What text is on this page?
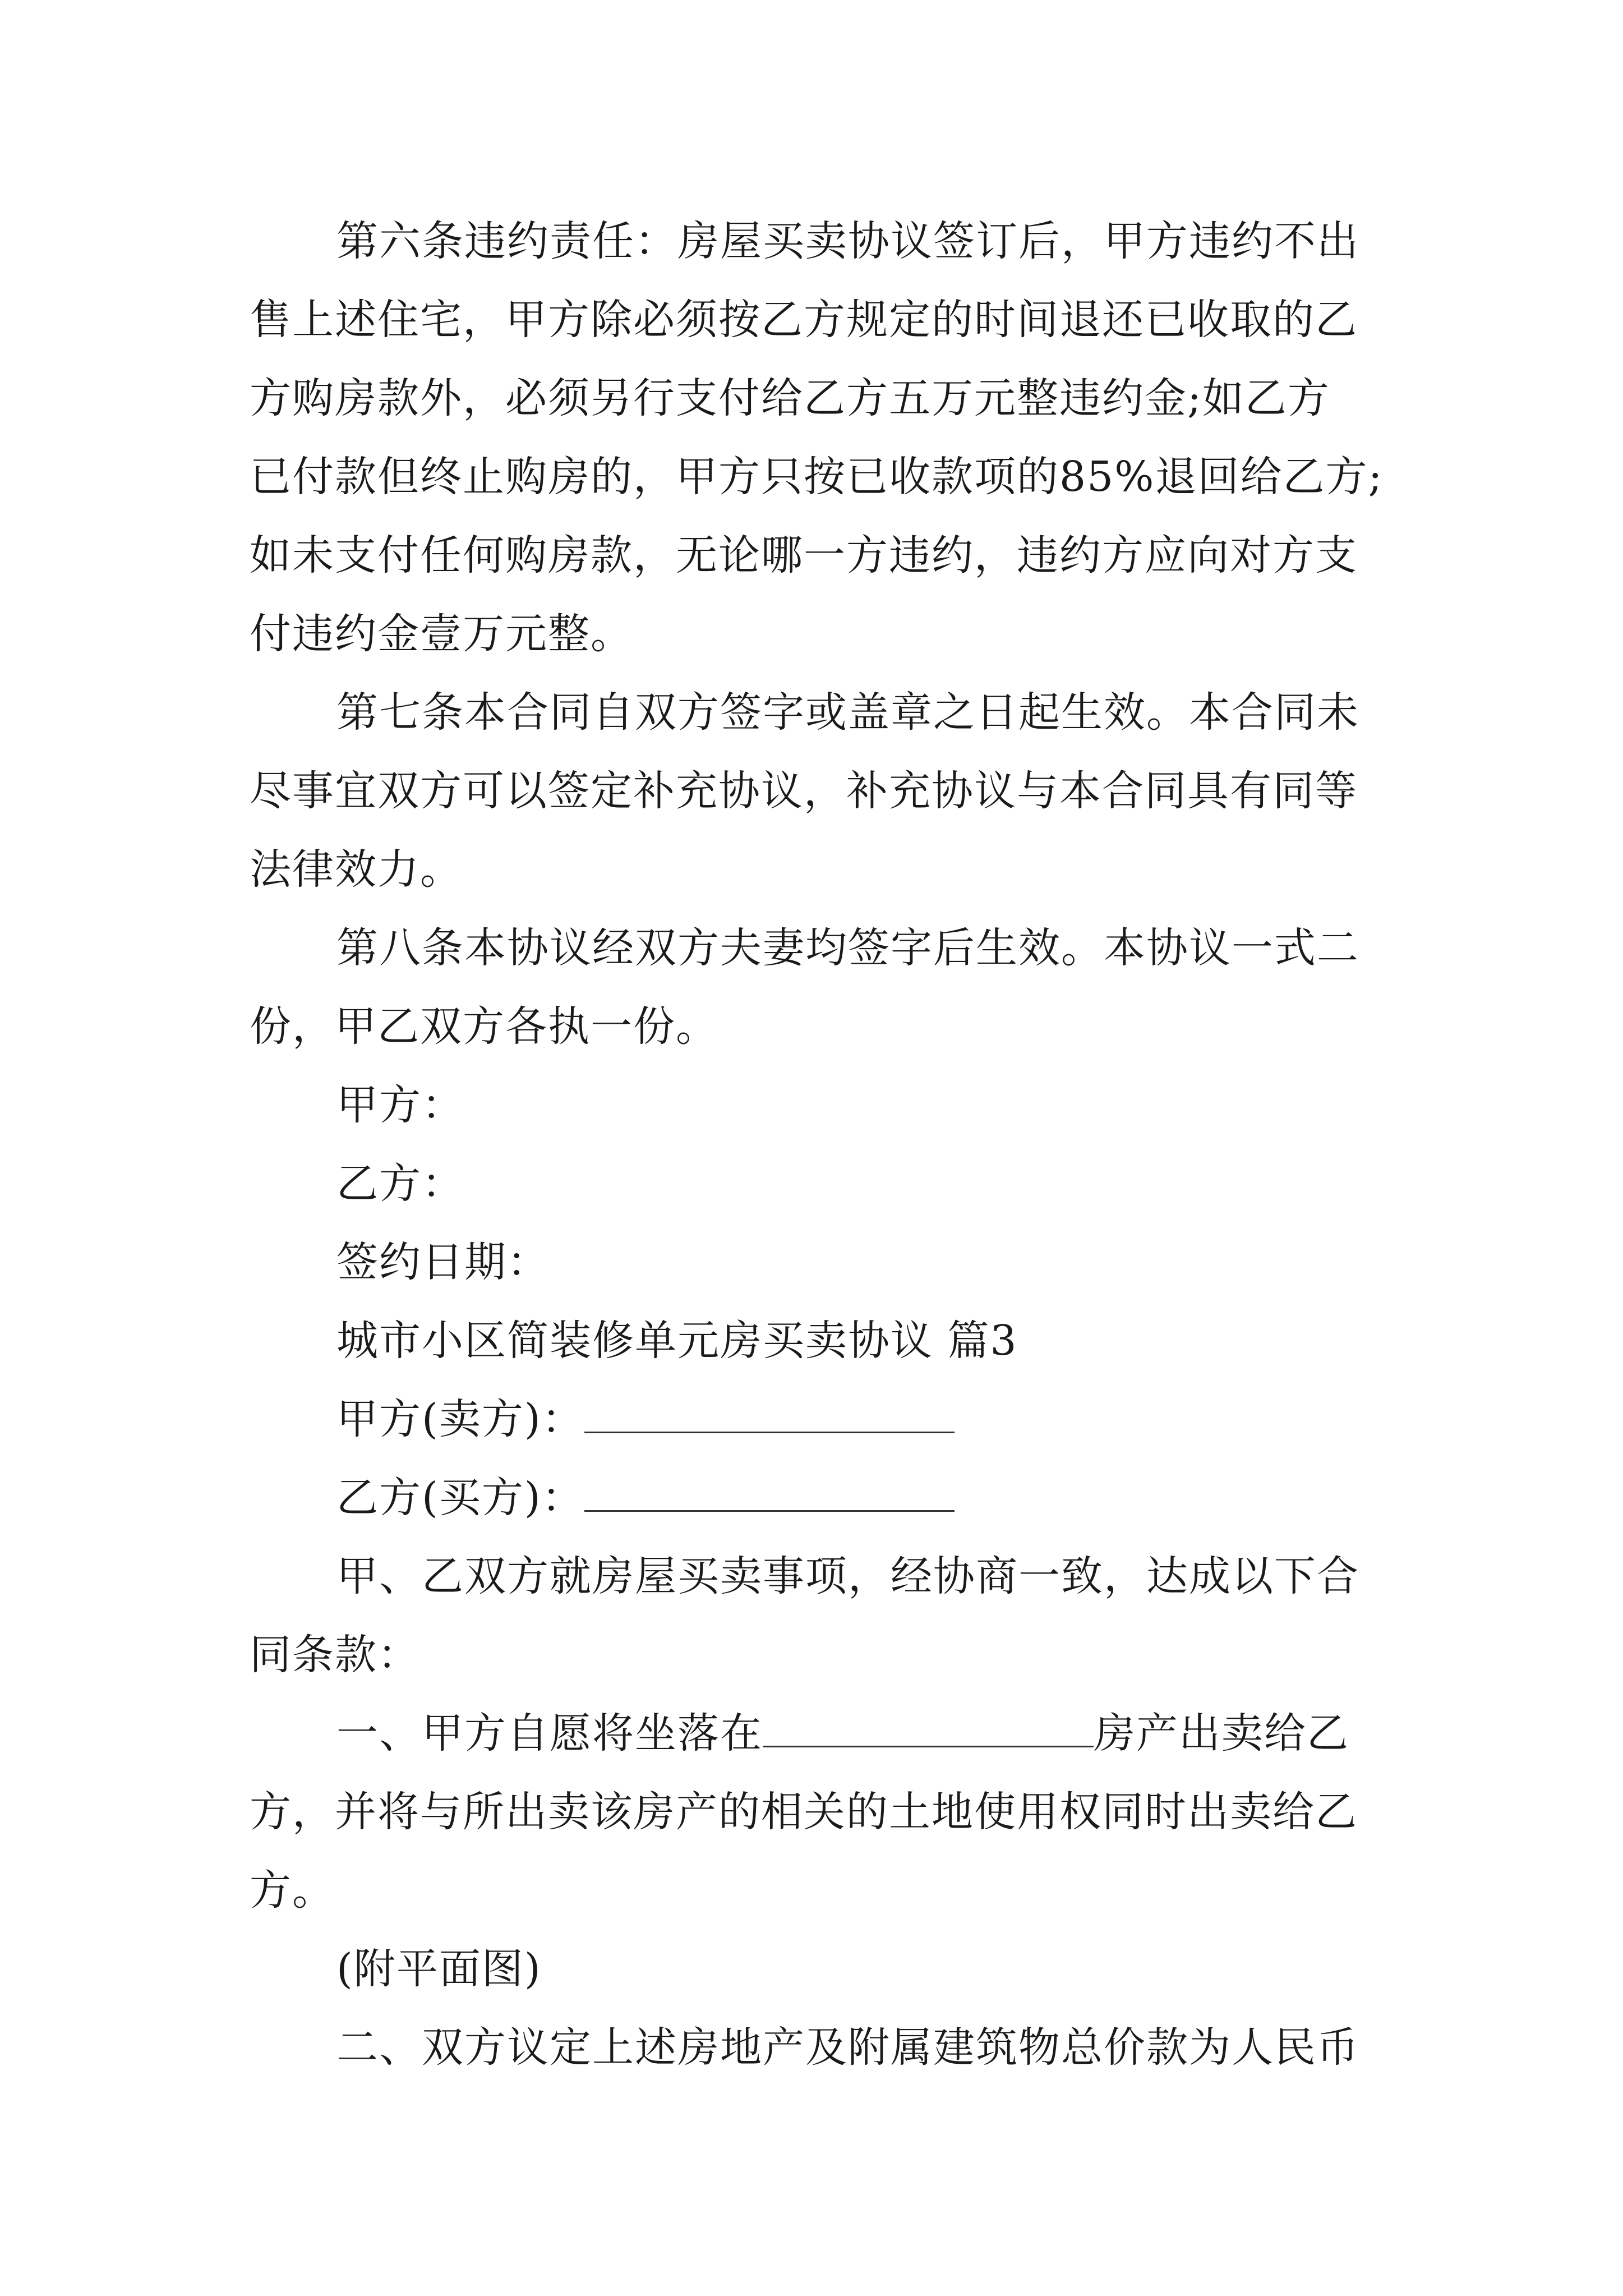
第六条违约责任：房屋买卖协议签订后，甲方违约不出
售上述住宅，甲方除必须按乙方规定的时间退还已收取的乙
方购房款外，必须另行支付给乙方五万元整违约金;如乙方
已付款但终止购房的，甲方只按已收款项的85%退回给乙方;
如未支付任何购房款，无论哪一方违约，违约方应向对方支
付违约金壹万元整。
第七条本合同自双方签字或盖章之日起生效。本合同未
尽事宜双方可以签定补充协议，补充协议与本合同具有同等
法律效力。
第八条本协议经双方夫妻均签字后生效。本协议一式二
份，甲乙双方各执一份。
甲方：
乙方：
签约日期：
城市小区简装修单元房买卖协议 篇3
甲方(卖方)：
乙方(买方)：
甲、乙双方就房屋买卖事项，经协商一致，达成以下合
同条款：
一、甲方自愿将坐落在	房产出卖给乙
方，并将与所出卖该房产的相关的土地使用权同时出卖给乙
方。
(附平面图)
二、双方议定上述房地产及附属建筑物总价款为人民币
